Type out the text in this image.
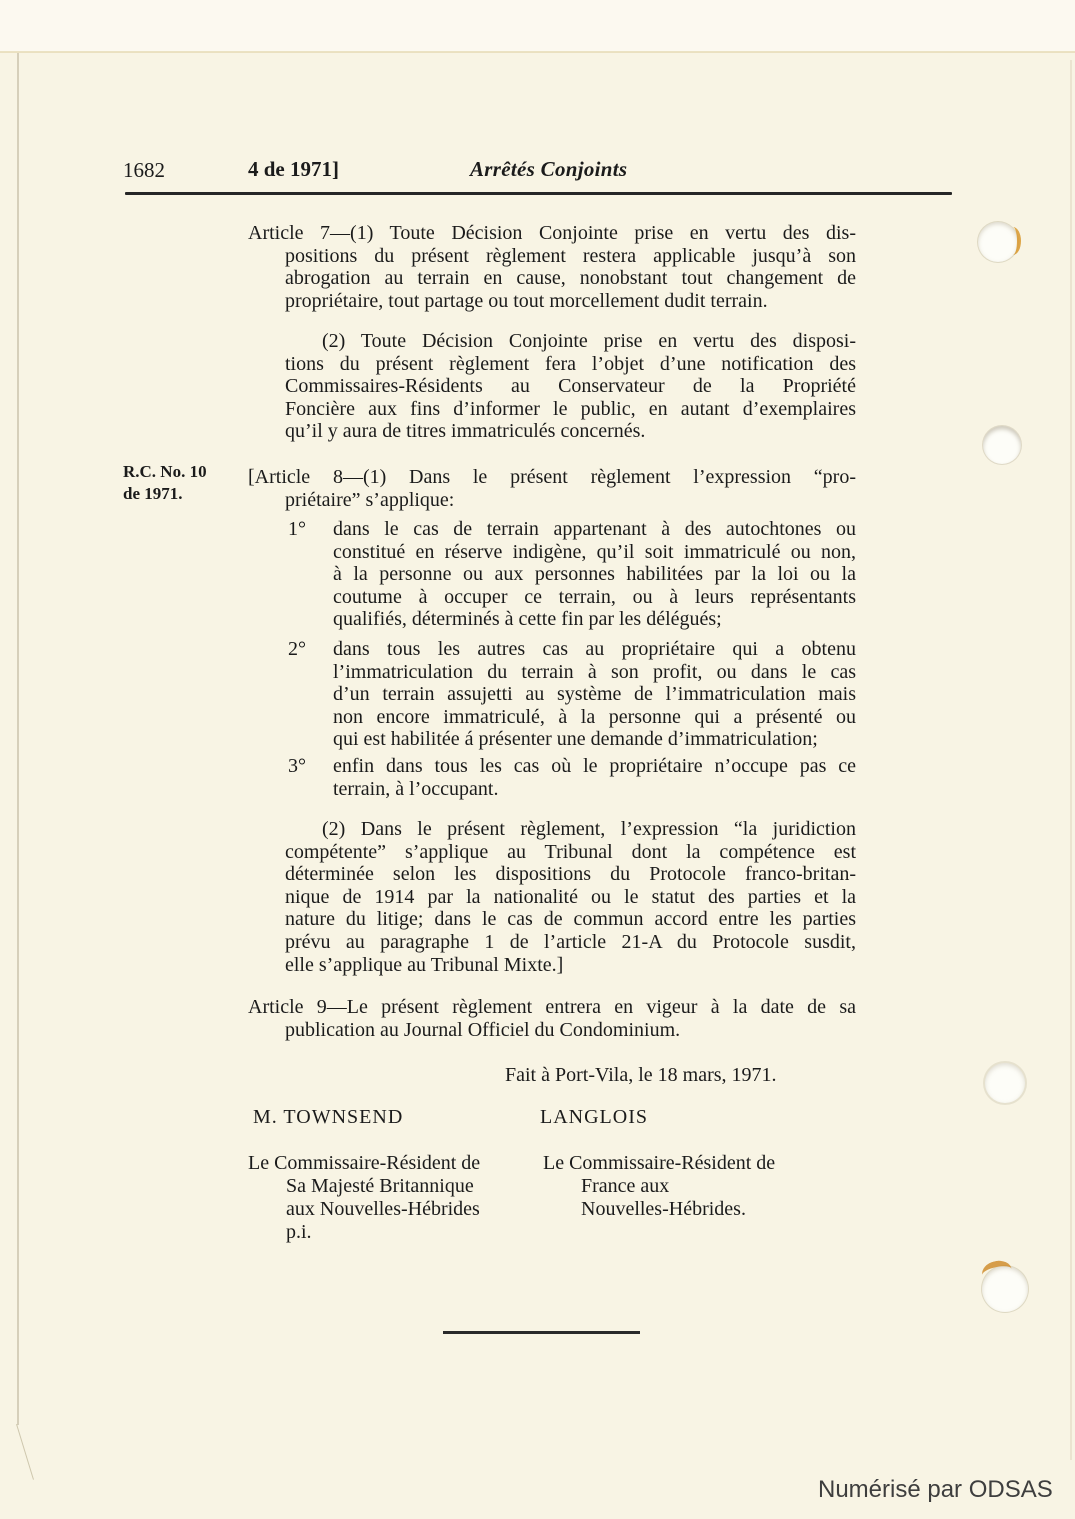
1682	4 de 1971]	Arrêtés Conjoints
R.C. No. 10
de 1971.
Article 7—(1) Toute Décision Conjointe prise en vertu des dis-
positions du présent règlement restera applicable jusqu’à son
abrogation au terrain en cause, nonobstant tout changement de
propriétaire, tout partage ou tout morcellement dudit terrain.
(2) Toute Décision Conjointe prise en vertu des disposi-
tions du présent règlement fera l’objet d’une notification des
Commissaires-Résidents au Conservateur de la Propriété
Foncière aux fins d’informer le public, en autant d’exemplaires
qu’il y aura de titres immatriculés concernés.
[Article 8—(1) Dans le présent règlement l’expression “pro-
priétaire” s’applique:
1°	dans le cas de terrain appartenant à des autochtones ou
constitué en réserve indigène, qu’il soit immatriculé ou non,
à la personne ou aux personnes habilitées par la loi ou la
coutume à occuper ce terrain, ou à leurs représentants
qualifiés, déterminés à cette fin par les délégués;
2°	dans tous les autres cas au propriétaire qui a obtenu
l’immatriculation du terrain à son profit, ou dans le cas
d’un terrain assujetti au système de l’immatriculation mais
non encore immatriculé, à la personne qui a présenté ou
qui est habilitée á présenter une demande d’immatriculation;
3°	enfin dans tous les cas où le propriétaire n’occupe pas ce
terrain, à l’occupant.
(2) Dans le présent règlement, l’expression “la juridiction
compétente” s’applique au Tribunal dont la compétence est
déterminée selon les dispositions du Protocole franco-britan-
nique de 1914 par la nationalité ou le statut des parties et la
nature du litige; dans le cas de commun accord entre les parties
prévu au paragraphe 1 de l’article 21-A du Protocole susdit,
elle s’applique au Tribunal Mixte.]
Article 9—Le présent règlement entrera en vigeur à la date de sa
publication au Journal Officiel du Condominium.
Fait à Port-Vila, le 18 mars, 1971.
M. TOWNSEND	LANGLOIS
Le Commissaire-Résident de
Sa Majesté Britannique
aux Nouvelles-Hébrides p.i.
Le Commissaire-Résident de
France aux
Nouvelles-Hébrides.
Numérisé par ODSAS
